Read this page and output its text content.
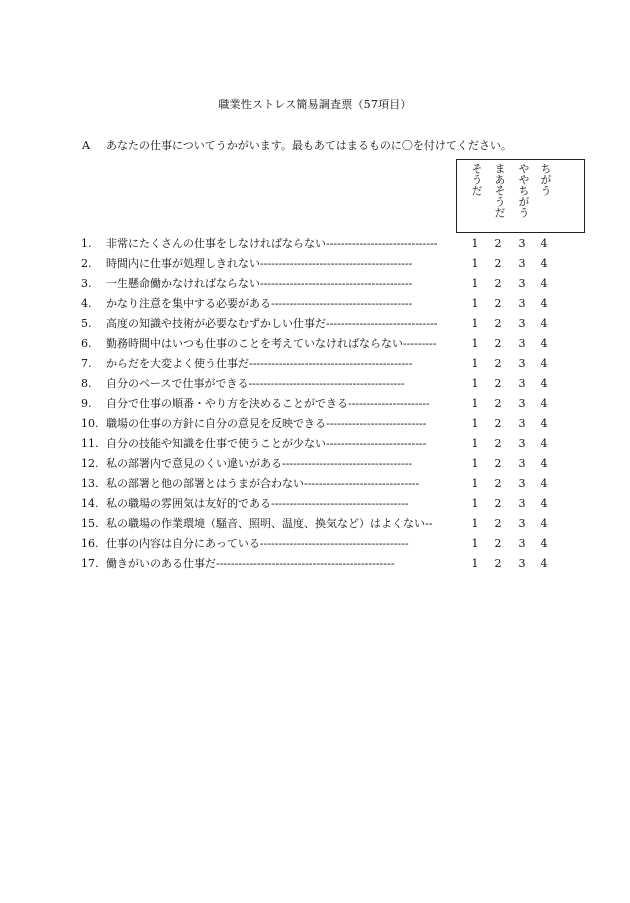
職業性ストレス簡易調査票（57項目）
A あなたの仕事についてうかがいます。最もあてはまるものに〇を付けてください。
そうだ まあそうだ ややちがう ちがう
1.	非常にたくさんの仕事をしなければならない------------------------------	1 2 3 4
2.	時間内に仕事が処理しきれない-----------------------------------------	1 2 3 4
3.	一生懸命働かなければならない-----------------------------------------	1 2 3 4
4.	かなり注意を集中する必要がある--------------------------------------	1 2 3 4
5.	高度の知識や技術が必要なむずかしい仕事だ------------------------------	1 2 3 4
6.	勤務時間中はいつも仕事のことを考えていなければならない---------	1 2 3 4
7.	からだを大変よく使う仕事だ--------------------------------------------	1 2 3 4
8.	自分のペースで仕事ができる------------------------------------------	1 2 3 4
9.	自分で仕事の順番・やり方を決めることができる----------------------	1 2 3 4
10. 職場の仕事の方針に自分の意見を反映できる---------------------------	1 2 3 4
11. 自分の技能や知識を仕事で使うことが少ない---------------------------	1 2 3 4
12. 私の部署内で意見のくい違いがある-----------------------------------	1 2 3 4
13. 私の部署と他の部署とはうまが合わない-------------------------------	1 2 3 4
14. 私の職場の雰囲気は友好的である-------------------------------------	1 2 3 4
15. 私の職場の作業環境（騒音、照明、温度、換気など）はよくない--	1 2 3 4
16. 仕事の内容は自分にあっている----------------------------------------	1 2 3 4
17. 働きがいのある仕事だ------------------------------------------------	1 2 3 4
